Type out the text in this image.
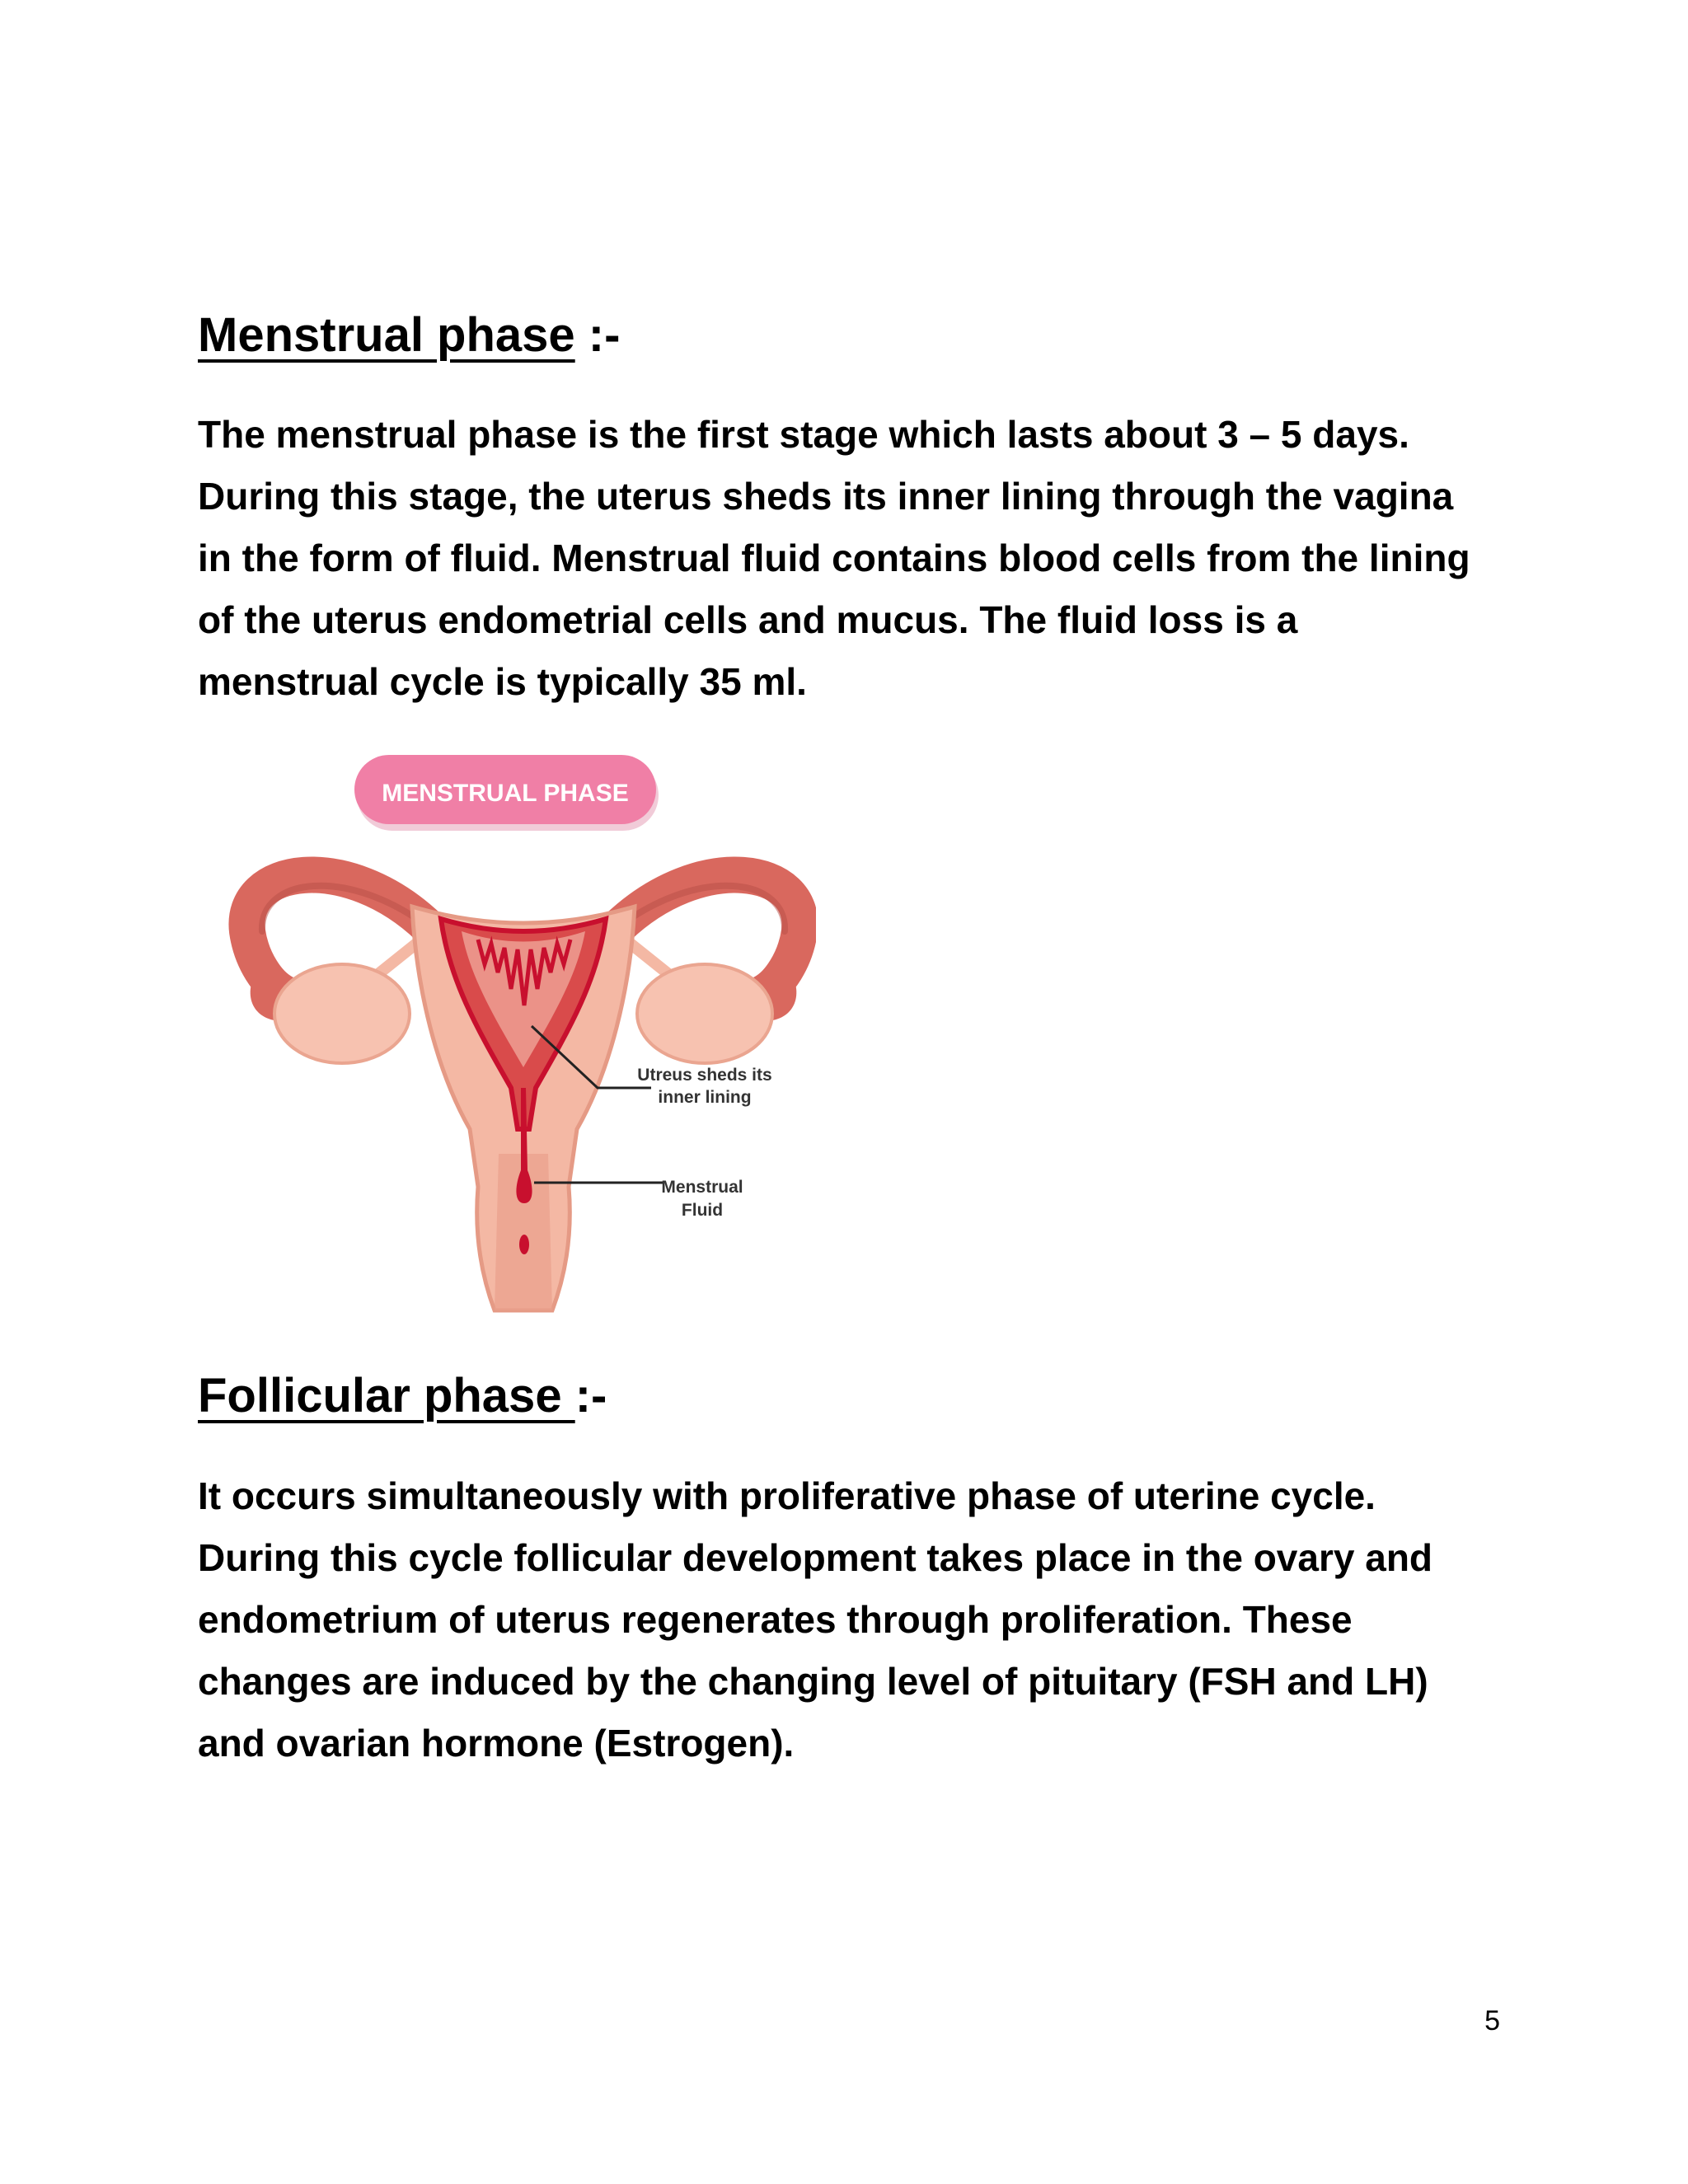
Menstrual phase :-

The menstrual phase is the first stage which lasts about 3 – 5 days. During this stage, the uterus sheds its inner lining through the vagina in the form of fluid. Menstrual fluid contains blood cells from the lining of the uterus endometrial cells and mucus. The fluid loss is a menstrual cycle is typically 35 ml.

MENSTRUAL PHASE
Utreus sheds its
inner lining
Menstrual
Fluid
Follicular phase :-

It occurs simultaneously with proliferative phase of uterine cycle. During this cycle follicular development takes place in the ovary and endometrium of uterus regenerates through proliferation. These changes are induced by the changing level of pituitary (FSH and LH) and ovarian hormone (Estrogen).

5
